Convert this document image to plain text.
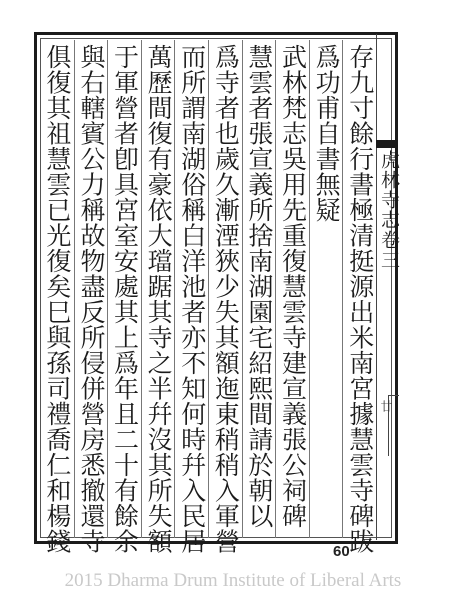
存九寸餘行書極清挺源出米南宮據慧雲寺碑跋
爲功甫自書無疑
武林梵志吳用先重復慧雲寺建宣義張公祠碑
慧雲者張宣義所捨南湖園宅紹熙間請於朝以
爲寺者也歲久漸湮狹少失其額迤東稍稍入軍營
而所謂南湖俗稱白洋池者亦不知何時幷入民居
萬歷間復有豪依大璫踞其寺之半幷沒其所失額
于軍營者卽具宮室安處其上爲年且二十有餘余
與右轄賓公力稱故物盡反所侵併營房悉撤還寺
俱復其祖慧雲已光復矣巳與孫司禮喬仁和楊錢	虎林寺志卷三
廿
60
2015 Dharma Drum Institute of Liberal Arts
